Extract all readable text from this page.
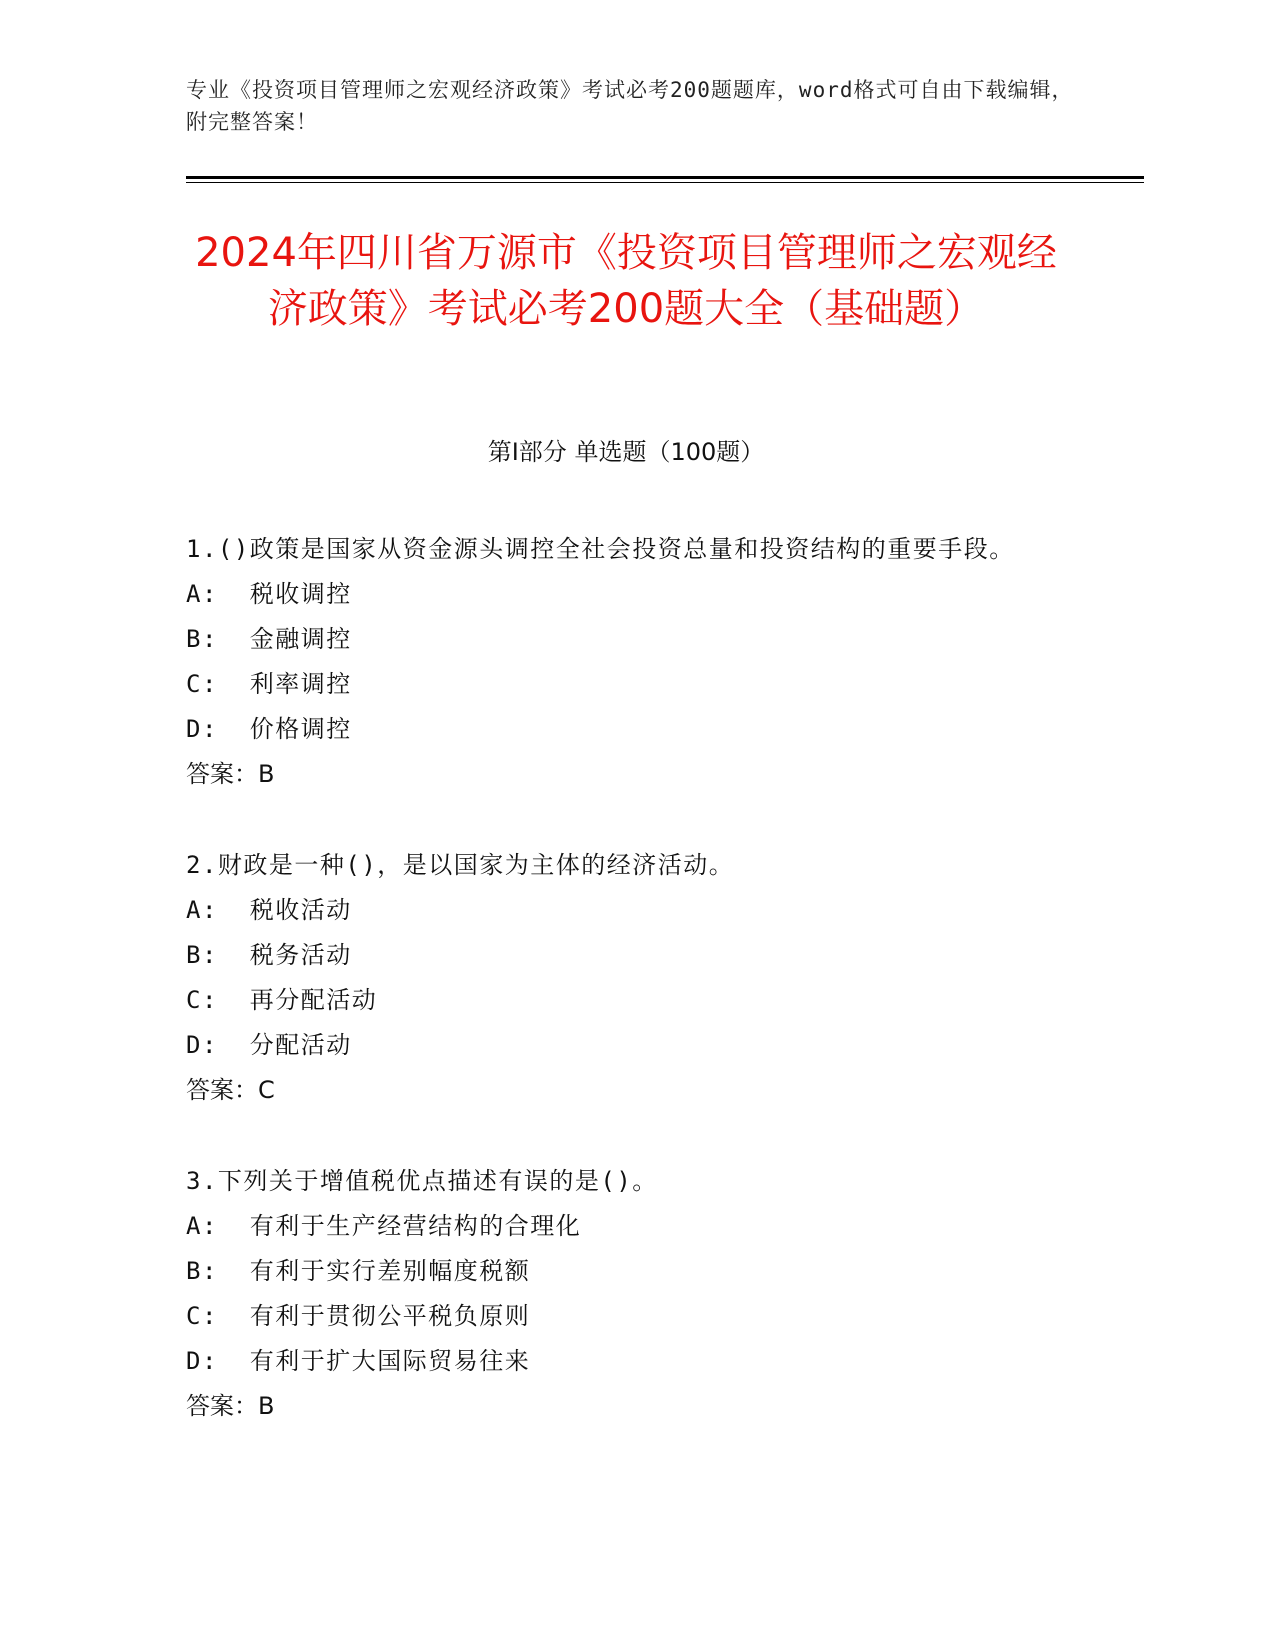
专业《投资项目管理师之宏观经济政策》考试必考200题题库，word格式可自由下载编辑，附完整答案！
2024年四川省万源市《投资项目管理师之宏观经济政策》考试必考200题大全（基础题）
第I部分 单选题（100题）
1.()政策是国家从资金源头调控全社会投资总量和投资结构的重要手段。
A:  税收调控
B:  金融调控
C:  利率调控
D:  价格调控
答案：B
2.财政是一种()，是以国家为主体的经济活动。
A:  税收活动
B:  税务活动
C:  再分配活动
D:  分配活动
答案：C
3.下列关于增值税优点描述有误的是()。
A:  有利于生产经营结构的合理化
B:  有利于实行差别幅度税额
C:  有利于贯彻公平税负原则
D:  有利于扩大国际贸易往来
答案：B
